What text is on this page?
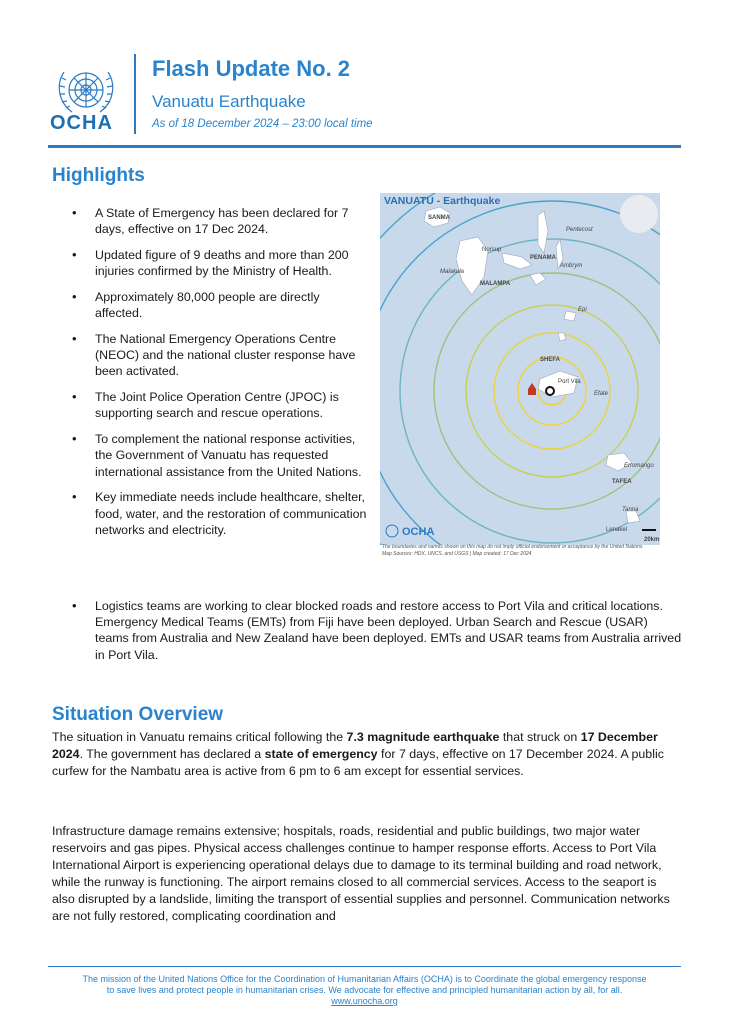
OCHA
Flash Update No. 2
Vanuatu Earthquake
As of 18 December 2024 – 23:00 local time
Highlights
• A State of Emergency has been declared for 7 days, effective on 17 Dec 2024.
• Updated figure of 9 deaths and more than 200 injuries confirmed by the Ministry of Health.
• Approximately 80,000 people are directly affected.
• The National Emergency Operations Centre (NEOC) and the national cluster response have been activated.
• The Joint Police Operation Centre (JPOC) is supporting search and rescue operations.
• To complement the national response activities, the Government of Vanuatu has requested international assistance from the United Nations.
• Key immediate needs include healthcare, shelter, food, water, and the restoration of communication networks and electricity.
SANMA
Pentecost
Norsup
PENAMA
Ambrym
Malakula
MALAMPA
Epi
SHEFA
Port Vila
Efate
Erromango
TAFEA
Tanna
Lenakel
20km
OCHA
VANUATU - Earthquake
The boundaries and names shown on this map do not imply official endorsement or acceptance by the United Nations.
Map Sources: HDX, UNCS, and USGS | Map created: 17 Dec 2024
• Logistics teams are working to clear blocked roads and restore access to Port Vila and critical locations. Emergency Medical Teams (EMTs) from Fiji have been deployed. Urban Search and Rescue (USAR) teams from Australia and New Zealand have been deployed. EMTs and USAR teams from Australia arrived in Port Vila.
Situation Overview

The situation in Vanuatu remains critical following the 7.3 magnitude earthquake that struck on 17 December 2024. The government has declared a state of emergency for 7 days, effective on 17 December 2024. A public curfew for the Nambatu area is active from 6 pm to 6 am except for essential services.

Infrastructure damage remains extensive; hospitals, roads, residential and public buildings, two major water reservoirs and gas pipes. Physical access challenges continue to hamper response efforts. Access to Port Vila International Airport is experiencing operational delays due to damage to its terminal building and road network, while the runway is functioning. The airport remains closed to all commercial services. Access to the seaport is also disrupted by a landslide, limiting the transport of essential supplies and personnel. Communication networks are not fully restored, complicating coordination and

The mission of the United Nations Office for the Coordination of Humanitarian Affairs (OCHA) is to Coordinate the global emergency response
to save lives and protect people in humanitarian crises. We advocate for effective and principled humanitarian action by all, for all.
www.unocha.org
